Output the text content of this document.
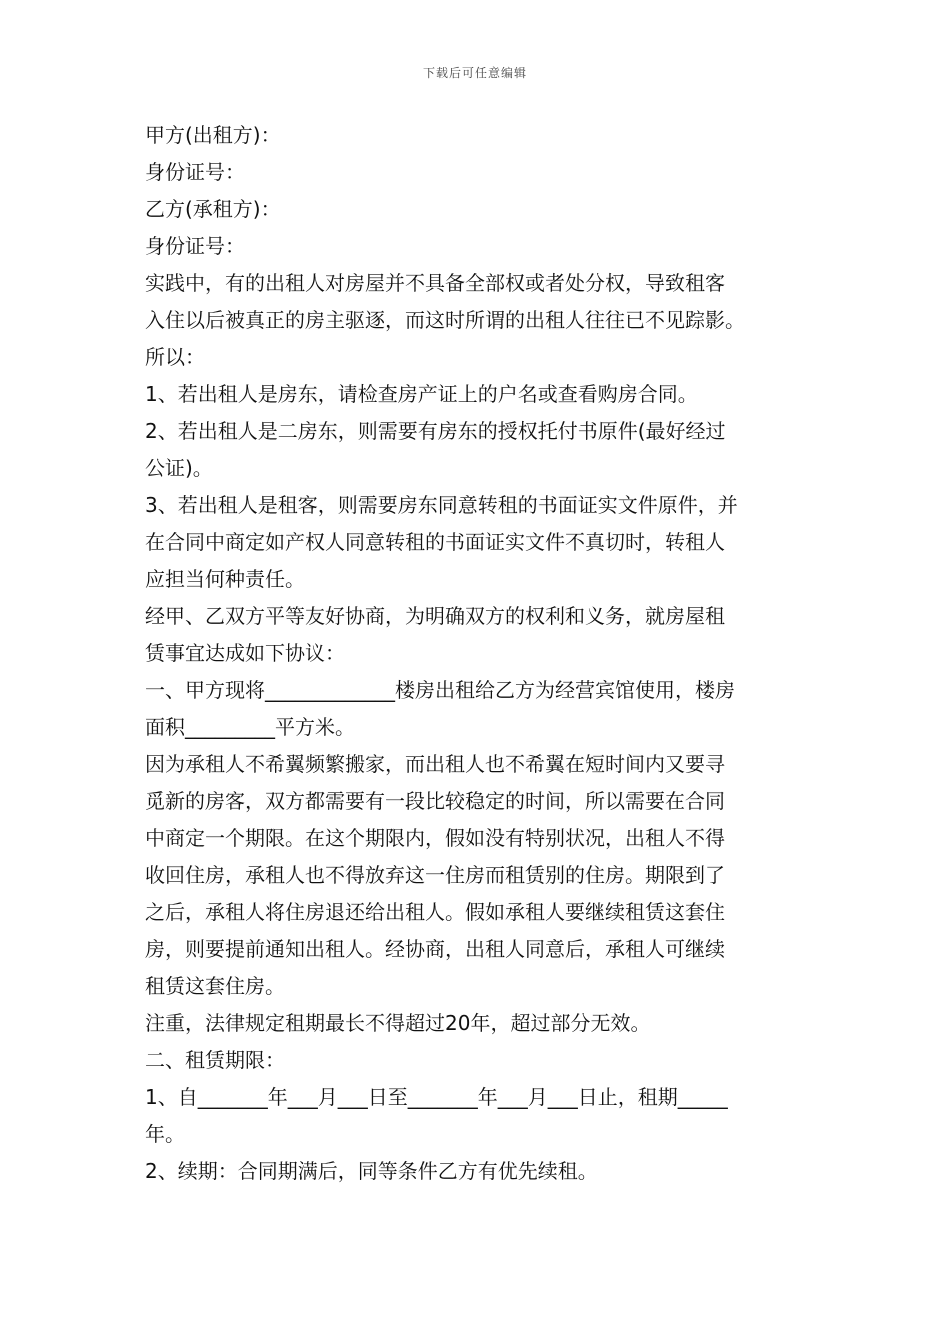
下载后可任意编辑
甲方(出租方)：
身份证号：
乙方(承租方)：
身份证号：
实践中，有的出租人对房屋并不具备全部权或者处分权，导致租客
入住以后被真正的房主驱逐，而这时所谓的出租人往往已不见踪影。
所以：
1、若出租人是房东，请检查房产证上的户名或查看购房合同。
2、若出租人是二房东，则需要有房东的授权托付书原件(最好经过
公证)。
3、若出租人是租客，则需要房东同意转租的书面证实文件原件，并
在合同中商定如产权人同意转租的书面证实文件不真切时，转租人
应担当何种责任。
经甲、乙双方平等友好协商，为明确双方的权利和义务，就房屋租
赁事宜达成如下协议：
一、甲方现将_____________楼房出租给乙方为经营宾馆使用，楼房
面积_________平方米。
因为承租人不希翼频繁搬家，而出租人也不希翼在短时间内又要寻
觅新的房客，双方都需要有一段比较稳定的时间，所以需要在合同
中商定一个期限。在这个期限内，假如没有特别状况，出租人不得
收回住房，承租人也不得放弃这一住房而租赁别的住房。期限到了
之后，承租人将住房退还给出租人。假如承租人要继续租赁这套住
房，则要提前通知出租人。经协商，出租人同意后，承租人可继续
租赁这套住房。
注重，法律规定租期最长不得超过20年，超过部分无效。
二、租赁期限：
1、自_______年___月___日至_______年___月___日止，租期_____
年。
2、续期：合同期满后，同等条件乙方有优先续租。
